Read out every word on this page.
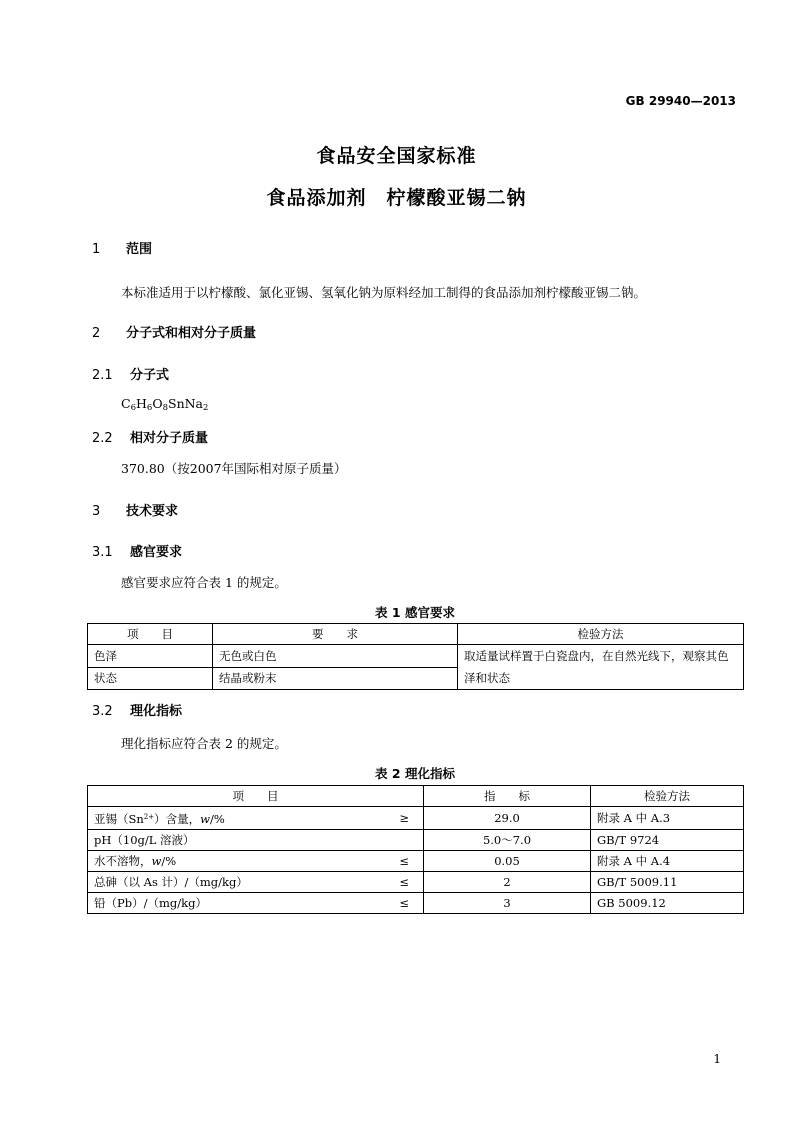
GB 29940—2013
食品安全国家标准
食品添加剂　柠檬酸亚锡二钠
1 范围
本标准适用于以柠檬酸、氯化亚锡、氢氧化钠为原料经加工制得的食品添加剂柠檬酸亚锡二钠。
2 分子式和相对分子质量
2.1 分子式
$C_6H_6O_8SnNa_2$
2.2 相对分子质量
370.80（按2007年国际相对原子质量）
3 技术要求
3.1 感官要求
感官要求应符合表 1 的规定。
表 1 感官要求
项　　目	要　　求	检验方法
色泽	无色或白色	取适量试样置于白瓷盘内，在自然光线下，观察其色泽和状态
状态	结晶或粉末	
3.2 理化指标
理化指标应符合表 2 的规定。
表 2 理化指标
项　　目		指　　标	检验方法
亚锡$(Sn^{2+})$含量，w/%	≥	29.0	附录 A 中 A.3
pH（10g/L 溶液）		5.0～7.0	GB/T 9724
水不溶物，w/%	≤	0.05	附录 A 中 A.4
总砷（以 As 计）/（mg/kg）	≤	2	GB/T 5009.11
铅（Pb）/（mg/kg）	≤	3	GB 5009.12
1
